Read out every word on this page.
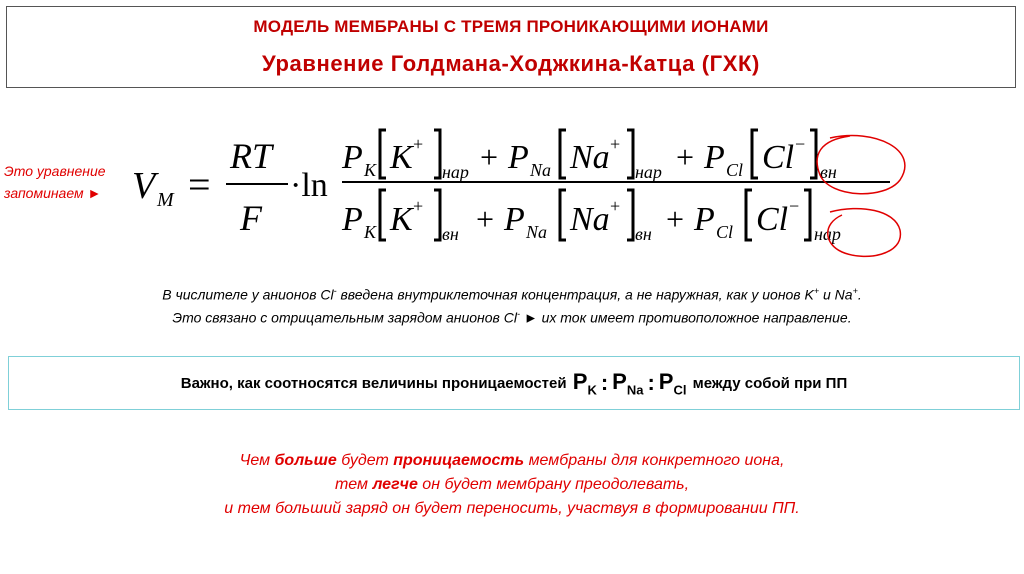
МОДЕЛЬ МЕМБРАНЫ С ТРЕМЯ ПРОНИКАЮЩИМИ ИОНАМИ
Уравнение Голдмана-Ходжкина-Катца (ГХК)
Это уравнение
запоминаем ► V M =
RT
F
·ln
P K K +
нар + P Na Na +
нар + P Cl Cl −
вн
P K K +
вн + P Na Na +
вн + P Cl Cl −
нар
В числителе у анионов Cl- введена внутриклеточная концентрация, а не наружная, как у ионов K+ и Na+.
Это связано с отрицательным зарядом анионов Cl- ► их ток имеет противоположное направление.
Важно, как соотносятся величины проницаемостей
$P_K$ : $P_{Na}$ : $P_{Cl}$
между собой при ПП
Чем больше будет проницаемость мембраны для конкретного иона,
тем легче он будет мембрану преодолевать,
и тем больший заряд он будет переносить, участвуя в формировании ПП.
